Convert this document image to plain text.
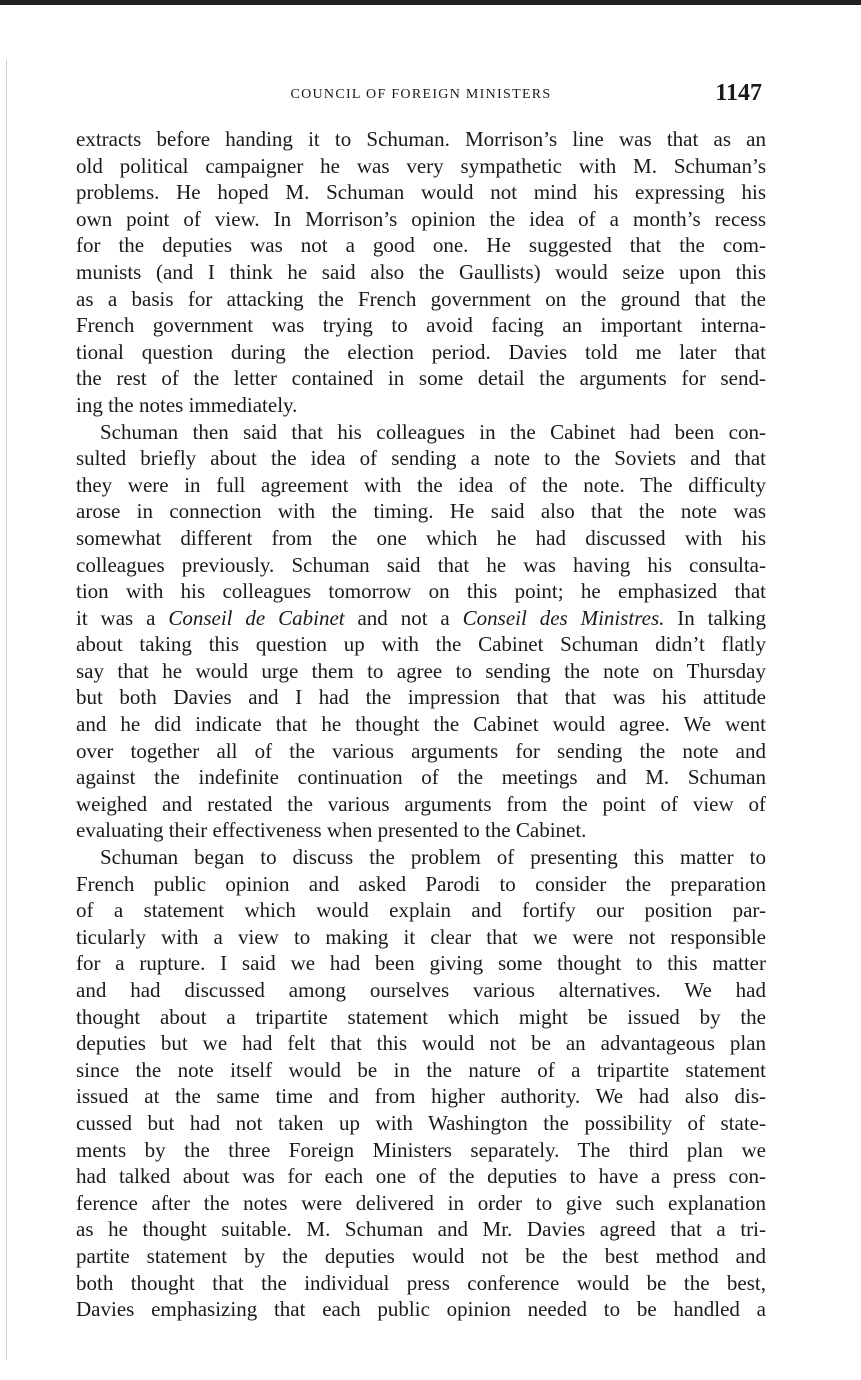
COUNCIL OF FOREIGN MINISTERS	1147

extracts before handing it to Schuman. Morrison’s line was that as an

old political campaigner he was very sympathetic with M. Schuman’s

problems. He hoped M. Schuman would not mind his expressing his

own point of view. In Morrison’s opinion the idea of a month’s recess

for the deputies was not a good one. He suggested that the com-

munists (and I think he said also the Gaullists) would seize upon this

as a basis for attacking the French government on the ground that the

French government was trying to avoid facing an important interna-

tional question during the election period. Davies told me later that

the rest of the letter contained in some detail the arguments for send-

ing the notes immediately.

Schuman then said that his colleagues in the Cabinet had been con-

sulted briefly about the idea of sending a note to the Soviets and that

they were in full agreement with the idea of the note. The difficulty

arose in connection with the timing. He said also that the note was

somewhat different from the one which he had discussed with his

colleagues previously. Schuman said that he was having his consulta-

tion with his colleagues tomorrow on this point; he emphasized that

it was a Conseil de Cabinet and not a Conseil des Ministres. In talking

about taking this question up with the Cabinet Schuman didn’t flatly

say that he would urge them to agree to sending the note on Thursday

but both Davies and I had the impression that that was his attitude

and he did indicate that he thought the Cabinet would agree. We went

over together all of the various arguments for sending the note and

against the indefinite continuation of the meetings and M. Schuman

weighed and restated the various arguments from the point of view of

evaluating their effectiveness when presented to the Cabinet.

Schuman began to discuss the problem of presenting this matter to

French public opinion and asked Parodi to consider the preparation

of a statement which would explain and fortify our position par-

ticularly with a view to making it clear that we were not responsible

for a rupture. I said we had been giving some thought to this matter

and had discussed among ourselves various alternatives. We had

thought about a tripartite statement which might be issued by the

deputies but we had felt that this would not be an advantageous plan

since the note itself would be in the nature of a tripartite statement

issued at the same time and from higher authority. We had also dis-

cussed but had not taken up with Washington the possibility of state-

ments by the three Foreign Ministers separately. The third plan we

had talked about was for each one of the deputies to have a press con-

ference after the notes were delivered in order to give such explanation

as he thought suitable. M. Schuman and Mr. Davies agreed that a tri-

partite statement by the deputies would not be the best method and

both thought that the individual press conference would be the best,

Davies emphasizing that each public opinion needed to be handled a
